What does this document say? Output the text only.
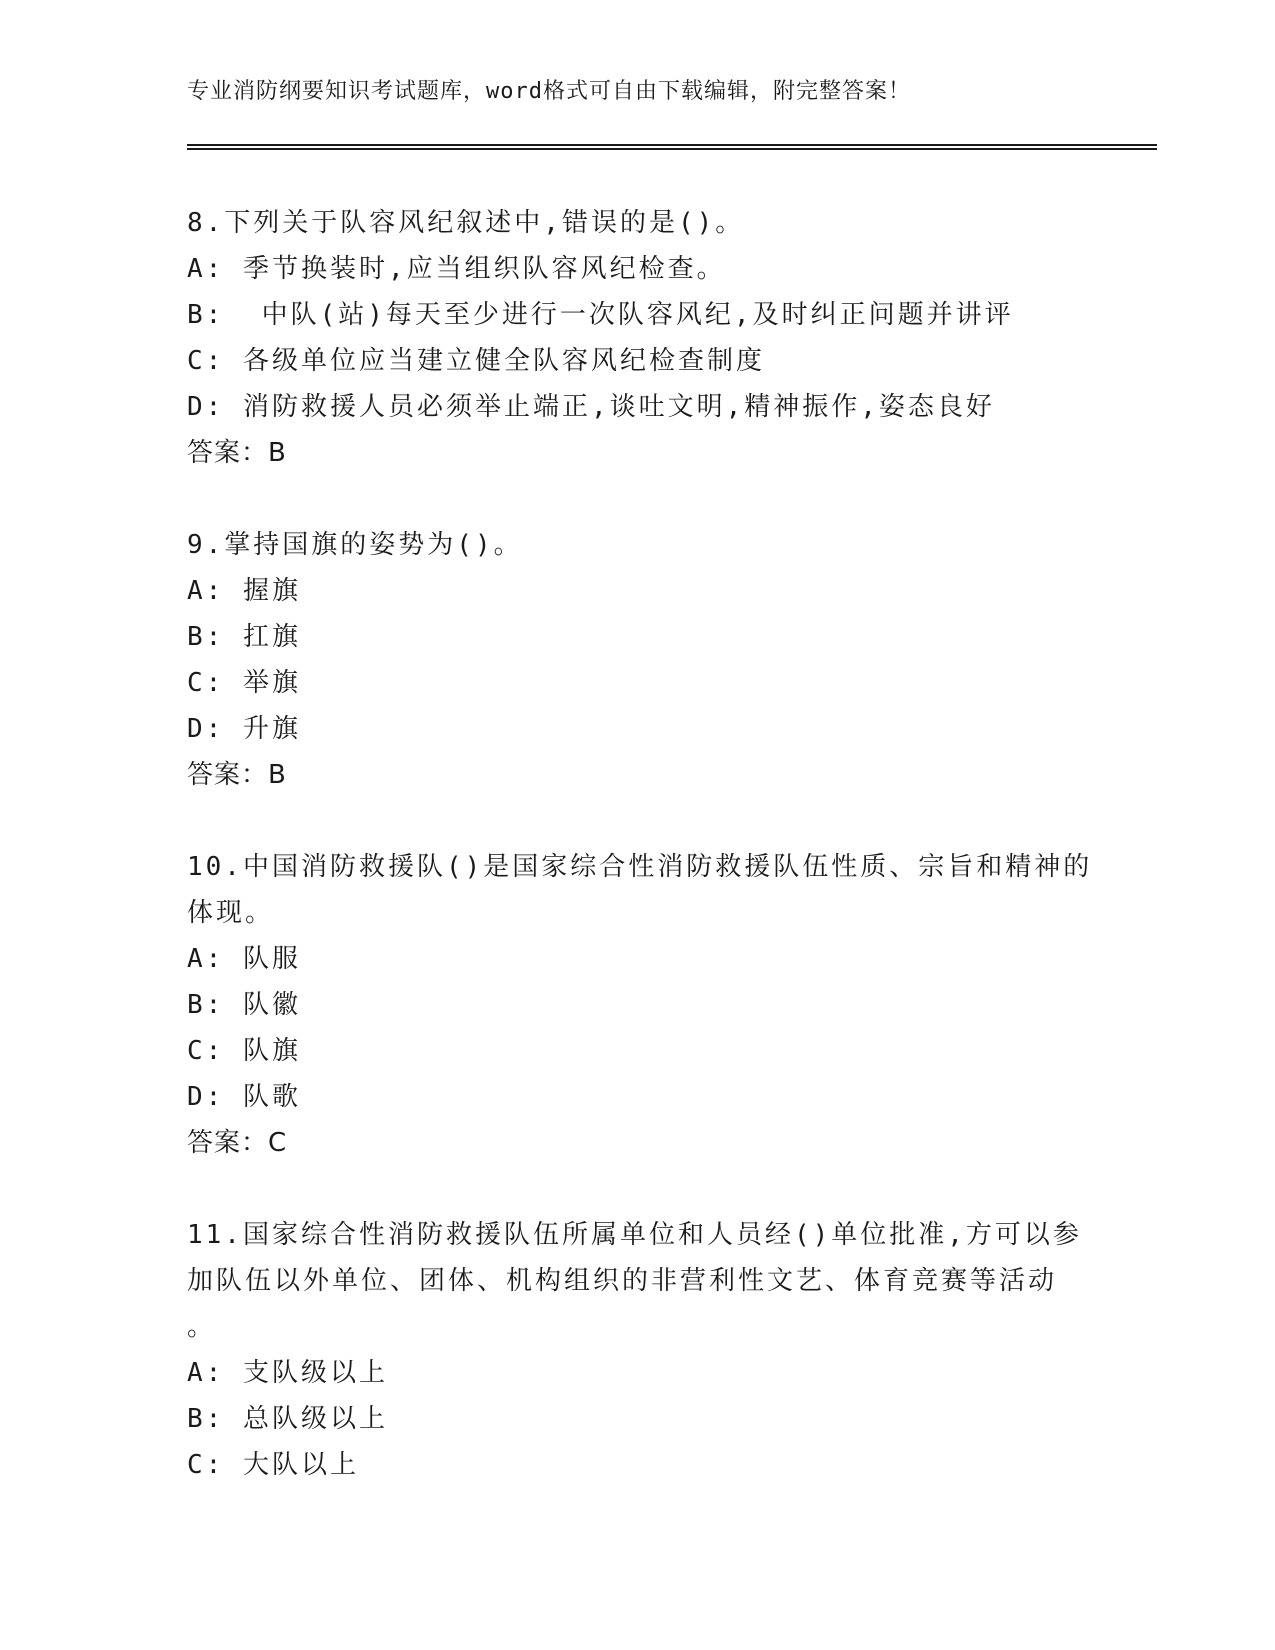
专业消防纲要知识考试题库，word格式可自由下载编辑，附完整答案！
8.下列关于队容风纪叙述中,错误的是()。
A: 季节换装时,应当组织队容风纪检查。
B:  中队(站)每天至少进行一次队容风纪,及时纠正问题并讲评
C: 各级单位应当建立健全队容风纪检查制度
D: 消防救援人员必须举止端正,谈吐文明,精神振作,姿态良好
答案：B
9.掌持国旗的姿势为()。
A: 握旗
B: 扛旗
C: 举旗
D: 升旗
答案：B
10.中国消防救援队()是国家综合性消防救援队伍性质、宗旨和精神的
体现。
A: 队服
B: 队徽
C: 队旗
D: 队歌
答案：C
11.国家综合性消防救援队伍所属单位和人员经()单位批准,方可以参
加队伍以外单位、团体、机构组织的非营利性文艺、体育竞赛等活动
。
A: 支队级以上
B: 总队级以上
C: 大队以上
